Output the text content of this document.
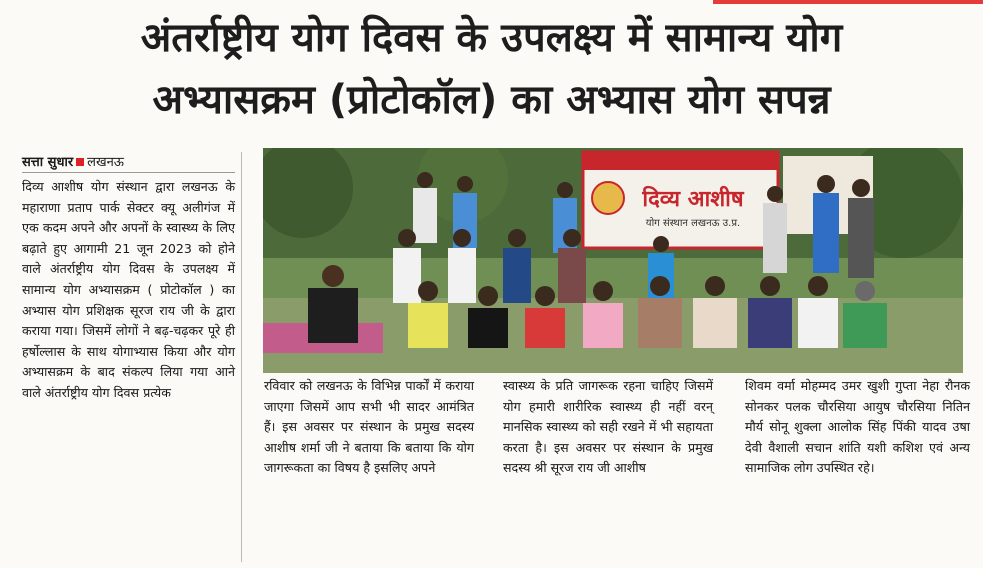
अंतर्राष्ट्रीय योग दिवस के उपलक्ष्य में सामान्य योग
अभ्यासक्रम (प्रोटोकॉल) का अभ्यास योग सपन्न
सत्ता सुधार लखनऊ

दिव्य आशीष योग संस्थान द्वारा लखनऊ के महाराणा प्रताप पार्क सेक्टर क्यू अलीगंज में एक कदम अपने और अपनों के स्वास्थ्य के लिए बढ़ाते हुए आगामी 21 जून 2023 को होने वाले अंतर्राष्ट्रीय योग दिवस के उपलक्ष्य में सामान्य योग अभ्यासक्रम ( प्रोटोकॉल ) का अभ्यास योग प्रशिक्षक सूरज राय जी के द्वारा कराया गया। जिसमें लोगों ने बढ़-चढ़कर पूरे ही हर्षोल्लास के साथ योगाभ्यास किया और योग अभ्यासक्रम के बाद संकल्प लिया गया आने वाले अंतर्राष्ट्रीय योग दिवस प्रत्येक

दिव्य आशीष
योग संस्थान लखनऊ उ.प्र.

रविवार को लखनऊ के विभिन्न पार्कों में कराया जाएगा जिसमें आप सभी भी सादर आमंत्रित हैं। इस अवसर पर संस्थान के प्रमुख सदस्य आशीष शर्मा जी ने बताया कि बताया कि योग जागरूकता का विषय है इसलिए अपने

स्वास्थ्य के प्रति जागरूक रहना चाहिए जिसमें योग हमारी शारीरिक स्वास्थ्य ही नहीं वरन् मानसिक स्वास्थ्य को सही रखने में भी सहायता करता है। इस अवसर पर संस्थान के प्रमुख सदस्य श्री सूरज राय जी आशीष

शिवम वर्मा मोहम्मद उमर खुशी गुप्ता नेहा रौनक सोनकर पलक चौरसिया आयुष चौरसिया नितिन मौर्य सोनू शुक्ला आलोक सिंह पिंकी यादव उषा देवी वैशाली सचान शांति यशी कशिश एवं अन्य सामाजिक लोग उपस्थित रहे।
